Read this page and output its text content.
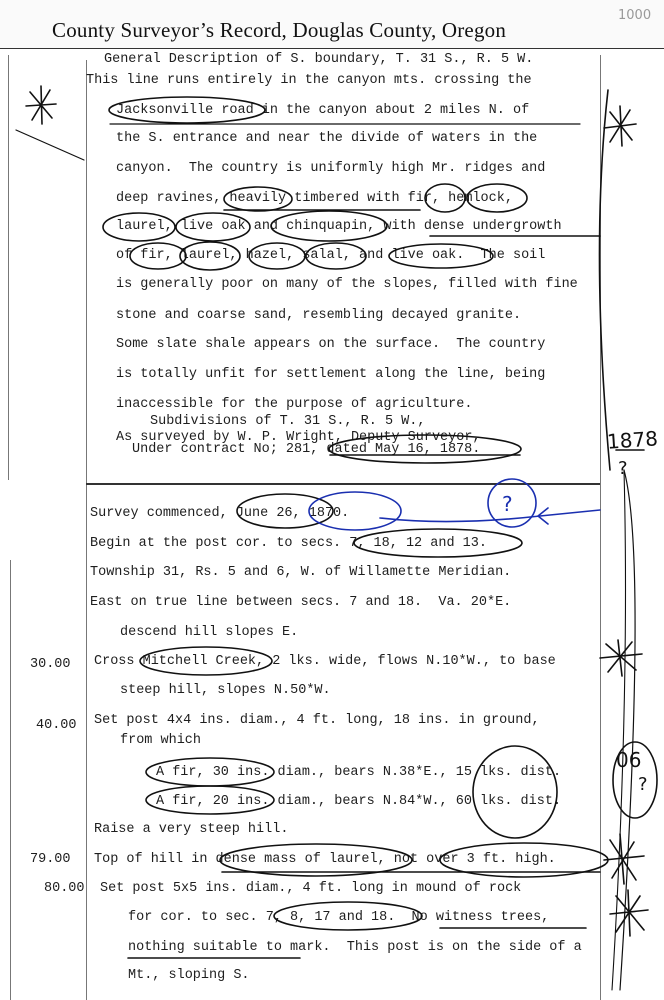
County Surveyor’s Record, Douglas County, Oregon
1000
General Description of S. boundary, T. 31 S., R. 5 W.
This line runs entirely in the canyon mts. crossing the
Jacksonville road in the canyon about 2 miles N. of
the S. entrance and near the divide of waters in the
canyon.  The country is uniformly high Mr. ridges and
deep ravines, heavily timbered with fir, hemlock,
laurel, live oak and chinquapin, with dense undergrowth
of fir, laurel, hazel, salal, and live oak.  The soil
is generally poor on many of the slopes, filled with fine
stone and coarse sand, resembling decayed granite.
Some slate shale appears on the surface.  The country
is totally unfit for settlement along the line, being
inaccessible for the purpose of agriculture.
Subdivisions of T. 31 S., R. 5 W.,
As surveyed by W. P. Wright, Deputy Surveyor,
Under contract No; 281, dated May 16, 1878.
Survey commenced, June 26, 1870.
Begin at the post cor. to secs. 7, 18, 12 and 13.
Township 31, Rs. 5 and 6, W. of Willamette Meridian.
East on true line between secs. 7 and 18.  Va. 20*E.
descend hill slopes E.
Cross Mitchell Creek, 2 lks. wide, flows N.10*W., to base
steep hill, slopes N.50*W.
Set post 4x4 ins. diam., 4 ft. long, 18 ins. in ground,
from which
A fir, 30 ins. diam., bears N.38*E., 15 lks. dist.
A fir, 20 ins. diam., bears N.84*W., 60 lks. dist.
Raise a very steep hill.
Top of hill in dense mass of laurel, not over 3 ft. high.
Set post 5x5 ins. diam., 4 ft. long in mound of rock
for cor. to sec. 7, 8, 17 and 18.  No witness trees,
nothing suitable to mark.  This post is on the side of a
Mt., sloping S.
30.00
40.00
79.00
80.00
1878
?
?
06
?
